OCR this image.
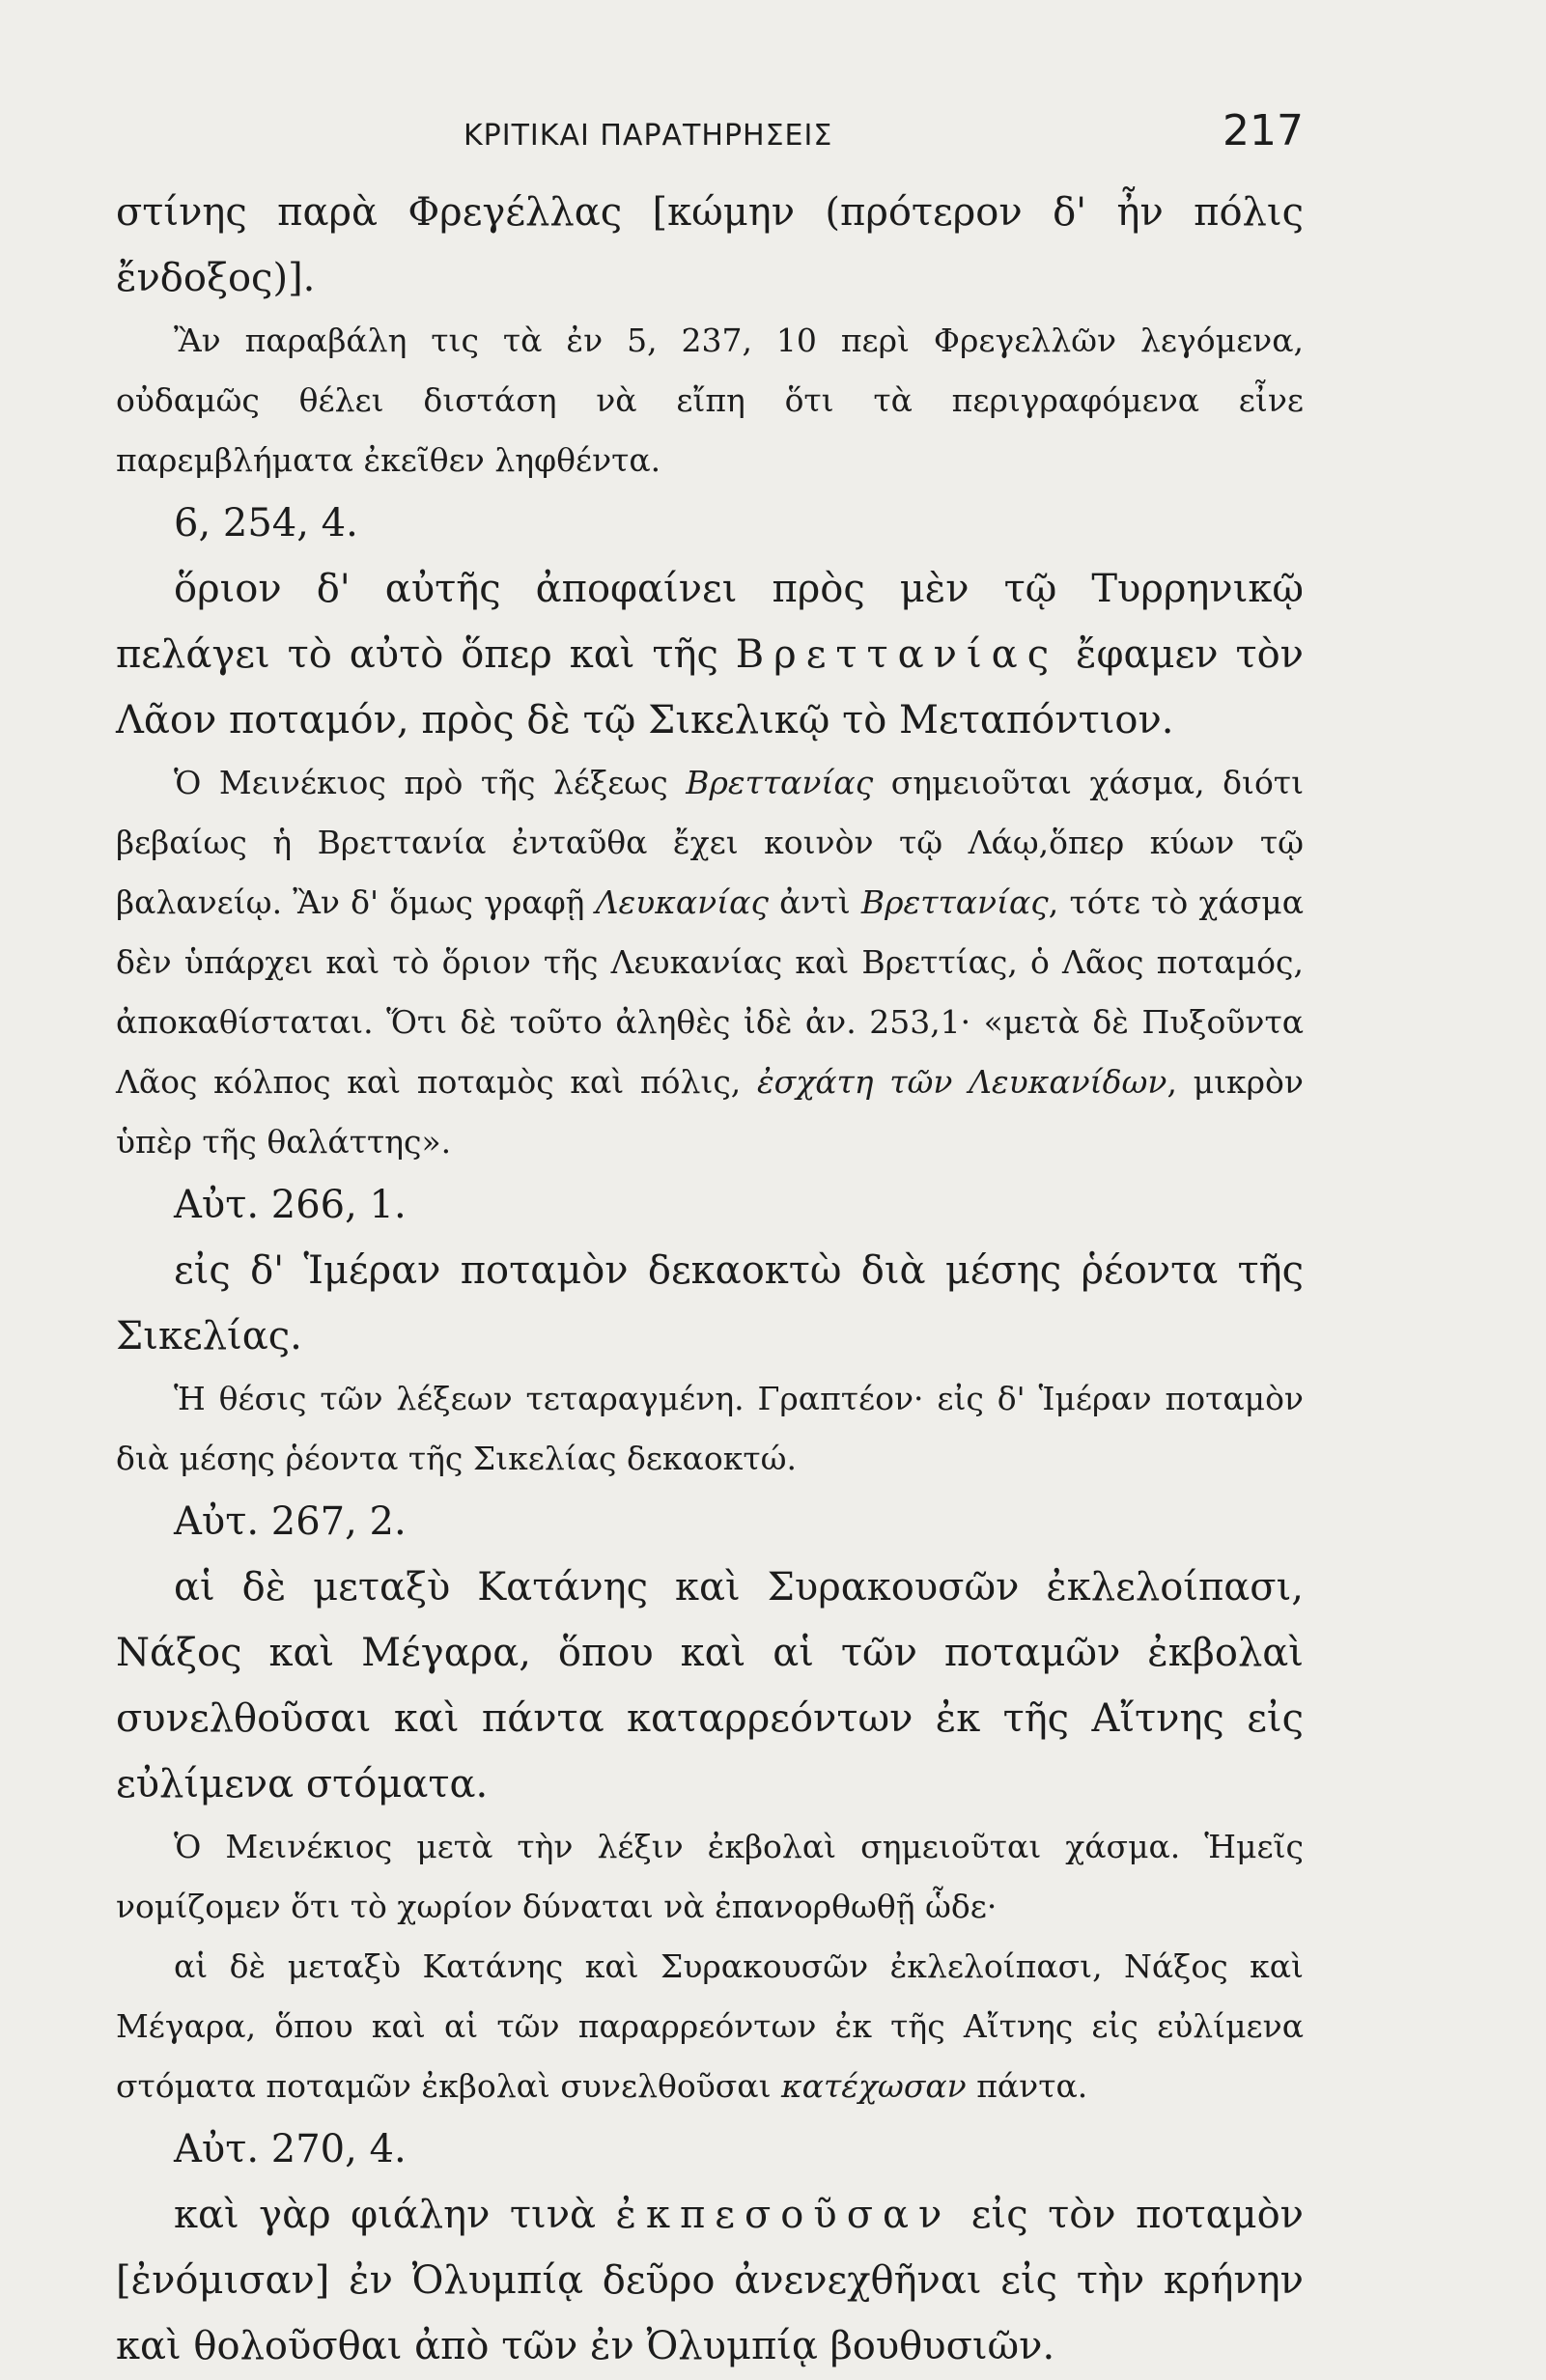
ΚΡΙΤΙΚΑΙ ΠΑΡΑΤΗΡΗΣΕΙΣ	217

στίνης παρὰ Φρεγέλλας [κώμην (πρότερον δ' ἦν πόλις ἔνδοξος)].

Ἂν παραβάλη τις τὰ ἐν 5, 237, 10 περὶ Φρεγελλῶν λεγόμενα, οὐδαμῶς θέλει διστάση νὰ εἴπη ὅτι τὰ περιγραφόμενα εἶνε παρεμβλήματα ἐκεῖθεν ληφθέντα.

6, 254, 4.

ὅριον δ' αὐτῆς ἀποφαίνει πρὸς μὲν τῷ Τυρρηνικῷ πελάγει τὸ αὐτὸ ὅπερ καὶ τῆς Βρεττανίας ἔφαμεν τὸν Λᾶον ποταμόν, πρὸς δὲ τῷ Σικελικῷ τὸ Μεταπόντιον.

Ὁ Μεινέκιος πρὸ τῆς λέξεως Βρεττανίας σημειοῦται χάσμα, διότι βεβαίως ἡ Βρεττανία ἐνταῦθα ἔχει κοινὸν τῷ Λάῳ,ὅπερ κύων τῷ βαλανείῳ. Ἂν δ' ὅμως γραφῇ Λευκανίας ἀντὶ Βρεττανίας, τότε τὸ χάσμα δὲν ὑπάρχει καὶ τὸ ὅριον τῆς Λευκανίας καὶ Βρεττίας, ὁ Λᾶος ποταμός, ἀποκαθίσταται. Ὅτι δὲ τοῦτο ἀληθὲς ἰδὲ ἀν. 253,1· «μετὰ δὲ Πυξοῦντα Λᾶος κόλπος καὶ ποταμὸς καὶ πόλις, ἐσχάτη τῶν Λευκανίδων, μικρὸν ὑπὲρ τῆς θαλάττης».

Αὐτ. 266, 1.

εἰς δ' Ἱμέραν ποταμὸν δεκαοκτὼ διὰ μέσης ῥέοντα τῆς Σικελίας.

Ἡ θέσις τῶν λέξεων τεταραγμένη. Γραπτέον· εἰς δ' Ἱμέραν ποταμὸν διὰ μέσης ῥέοντα τῆς Σικελίας δεκαοκτώ.

Αὐτ. 267, 2.

αἱ δὲ μεταξὺ Κατάνης καὶ Συρακουσῶν ἐκλελοίπασι, Νάξος καὶ Μέγαρα, ὅπου καὶ αἱ τῶν ποταμῶν ἐκβολαὶ συνελθοῦσαι καὶ πάντα καταρρεόντων ἐκ τῆς Αἴτνης εἰς εὐλίμενα στόματα.

Ὁ Μεινέκιος μετὰ τὴν λέξιν ἐκβολαὶ σημειοῦται χάσμα. Ἡμεῖς νομίζομεν ὅτι τὸ χωρίον δύναται νὰ ἐπανορθωθῇ ὧδε·

αἱ δὲ μεταξὺ Κατάνης καὶ Συρακουσῶν ἐκλελοίπασι, Νάξος καὶ Μέγαρα, ὅπου καὶ αἱ τῶν παραρρεόντων ἐκ τῆς Αἴτνης εἰς εὐλίμενα στόματα ποταμῶν ἐκβολαὶ συνελθοῦσαι κατέχωσαν πάντα.

Αὐτ. 270, 4.

καὶ γὰρ φιάλην τινὰ ἐκπεσοῦσαν εἰς τὸν ποταμὸν [ἐνόμισαν] ἐν Ὀλυμπίᾳ δεῦρο ἀνενεχθῆναι εἰς τὴν κρήνην καὶ θολοῦσθαι ἀπὸ τῶν ἐν Ὀλυμπίᾳ βουθυσιῶν.
